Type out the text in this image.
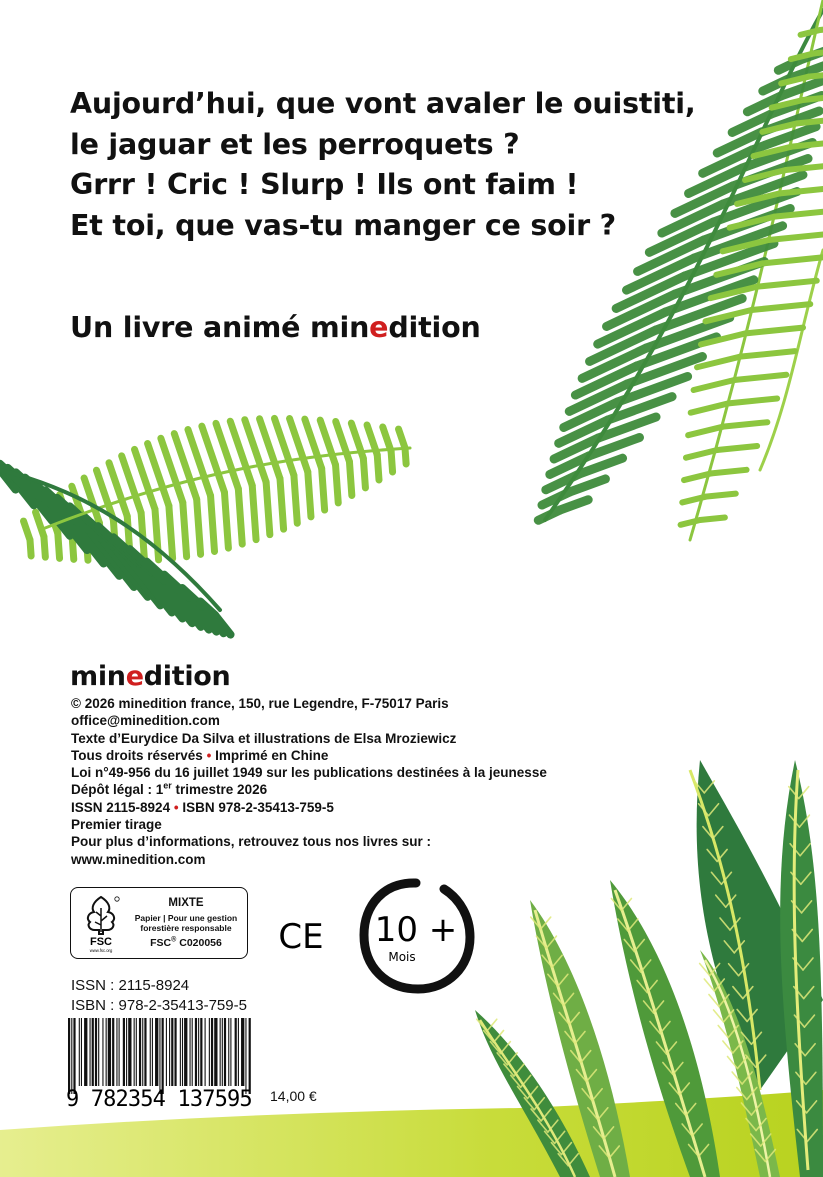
Aujourd’hui, que vont avaler le ouistiti,
le jaguar et les perroquets ?
Grrr ! Cric ! Slurp ! Ils ont faim !
Et toi, que vas-tu manger ce soir ?
Un livre animé minedition
minedition
© 2026 minedition france, 150, rue Legendre, F-75017 Paris
office@minedition.com
Texte d’Eurydice Da Silva et illustrations de Elsa Mroziewicz
Tous droits réservés • Imprimé en Chine
Loi n°49-956 du 16 juillet 1949 sur les publications destinées à la jeunesse
Dépôt légal : 1er trimestre 2026
ISSN 2115-8924 • ISBN 978-2-35413-759-5
Premier tirage
Pour plus d’informations, retrouvez tous nos livres sur :
www.minedition.com
FSC
www.fsc.org
MIXTE
Papier | Pour une gestion
forestière responsable
FSC® C020056	CE 10 +
Mois
ISSN : 2115-8924
ISBN : 978-2-35413-759-5
9 782354 137595 14,00 €
